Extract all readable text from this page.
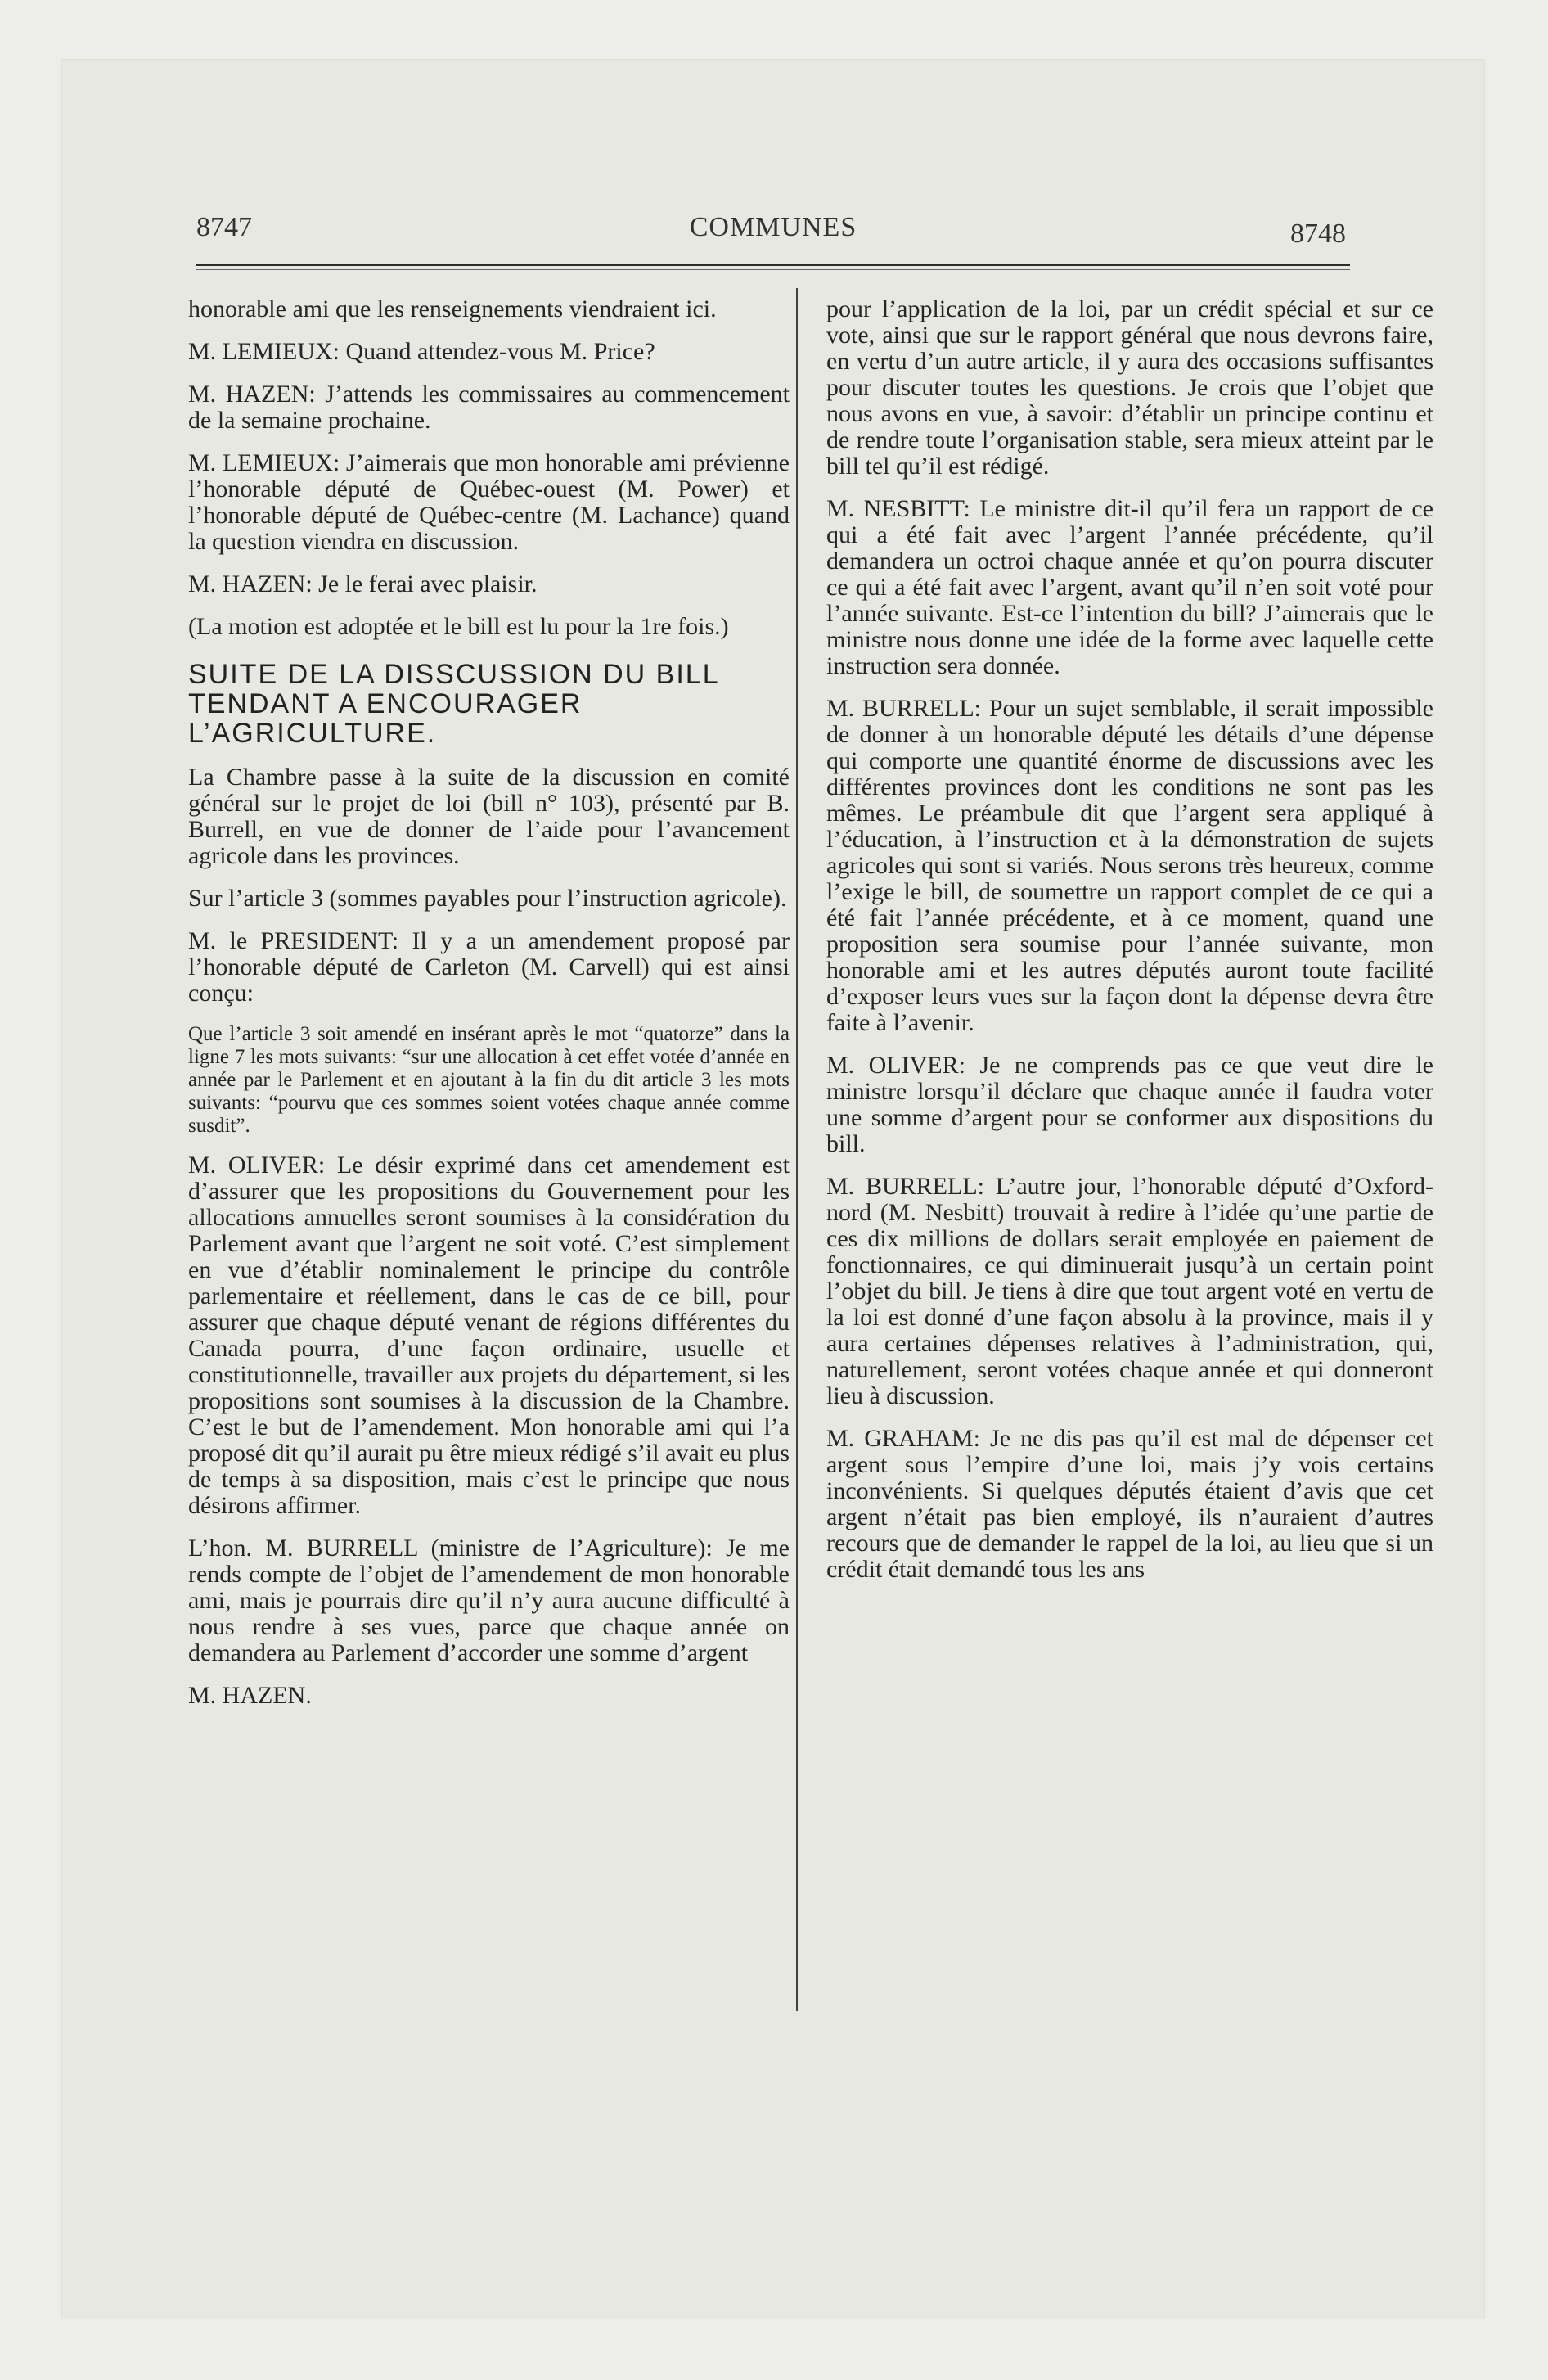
8747	COMMUNES	8748

honorable ami que les renseignements viendraient ici.

M. LEMIEUX: Quand attendez-vous M. Price?

M. HAZEN: J’attends les commissaires au commencement de la semaine prochaine.

M. LEMIEUX: J’aimerais que mon honorable ami prévienne l’honorable député de Québec-ouest (M. Power) et l’honorable député de Québec-centre (M. Lachance) quand la question viendra en discussion.

M. HAZEN: Je le ferai avec plaisir.

(La motion est adoptée et le bill est lu pour la 1re fois.)

SUITE DE LA DISSCUSSION DU BILL TENDANT A ENCOURAGER L’AGRICULTURE.

La Chambre passe à la suite de la discussion en comité général sur le projet de loi (bill n° 103), présenté par B. Burrell, en vue de donner de l’aide pour l’avancement agricole dans les provinces.

Sur l’article 3 (sommes payables pour l’instruction agricole).

M. le PRESIDENT: Il y a un amendement proposé par l’honorable député de Carleton (M. Carvell) qui est ainsi conçu:

Que l’article 3 soit amendé en insérant après le mot “quatorze” dans la ligne 7 les mots suivants: “sur une allocation à cet effet votée d’année en année par le Parlement et en ajoutant à la fin du dit article 3 les mots suivants: “pourvu que ces sommes soient votées chaque année comme susdit”.

M. OLIVER: Le désir exprimé dans cet amendement est d’assurer que les propositions du Gouvernement pour les allocations annuelles seront soumises à la considération du Parlement avant que l’argent ne soit voté. C’est simplement en vue d’établir nominalement le principe du contrôle parlementaire et réellement, dans le cas de ce bill, pour assurer que chaque député venant de régions différentes du Canada pourra, d’une façon ordinaire, usuelle et constitutionnelle, travailler aux projets du département, si les propositions sont soumises à la discussion de la Chambre. C’est le but de l’amendement. Mon honorable ami qui l’a proposé dit qu’il aurait pu être mieux rédigé s’il avait eu plus de temps à sa disposition, mais c’est le principe que nous désirons affirmer.

L’hon. M. BURRELL (ministre de l’Agriculture): Je me rends compte de l’objet de l’amendement de mon honorable ami, mais je pourrais dire qu’il n’y aura aucune difficulté à nous rendre à ses vues, parce que chaque année on demandera au Parlement d’accorder une somme d’argent

M. HAZEN.

pour l’application de la loi, par un crédit spécial et sur ce vote, ainsi que sur le rapport général que nous devrons faire, en vertu d’un autre article, il y aura des occasions suffisantes pour discuter toutes les questions. Je crois que l’objet que nous avons en vue, à savoir: d’établir un principe continu et de rendre toute l’organisation stable, sera mieux atteint par le bill tel qu’il est rédigé.

M. NESBITT: Le ministre dit-il qu’il fera un rapport de ce qui a été fait avec l’argent l’année précédente, qu’il demandera un octroi chaque année et qu’on pourra discuter ce qui a été fait avec l’argent, avant qu’il n’en soit voté pour l’année suivante. Est-ce l’intention du bill? J’aimerais que le ministre nous donne une idée de la forme avec laquelle cette instruction sera donnée.

M. BURRELL: Pour un sujet semblable, il serait impossible de donner à un honorable député les détails d’une dépense qui comporte une quantité énorme de discussions avec les différentes provinces dont les conditions ne sont pas les mêmes. Le préambule dit que l’argent sera appliqué à l’éducation, à l’instruction et à la démonstration de sujets agricoles qui sont si variés. Nous serons très heureux, comme l’exige le bill, de soumettre un rapport complet de ce qui a été fait l’année précédente, et à ce moment, quand une proposition sera soumise pour l’année suivante, mon honorable ami et les autres députés auront toute facilité d’exposer leurs vues sur la façon dont la dépense devra être faite à l’avenir.

M. OLIVER: Je ne comprends pas ce que veut dire le ministre lorsqu’il déclare que chaque année il faudra voter une somme d’argent pour se conformer aux dispositions du bill.

M. BURRELL: L’autre jour, l’honorable député d’Oxford-nord (M. Nesbitt) trouvait à redire à l’idée qu’une partie de ces dix millions de dollars serait employée en paiement de fonctionnaires, ce qui diminuerait jusqu’à un certain point l’objet du bill. Je tiens à dire que tout argent voté en vertu de la loi est donné d’une façon absolu à la province, mais il y aura certaines dépenses relatives à l’administration, qui, naturellement, seront votées chaque année et qui donneront lieu à discussion.

M. GRAHAM: Je ne dis pas qu’il est mal de dépenser cet argent sous l’empire d’une loi, mais j’y vois certains inconvénients. Si quelques députés étaient d’avis que cet argent n’était pas bien employé, ils n’auraient d’autres recours que de demander le rappel de la loi, au lieu que si un crédit était demandé tous les ans
